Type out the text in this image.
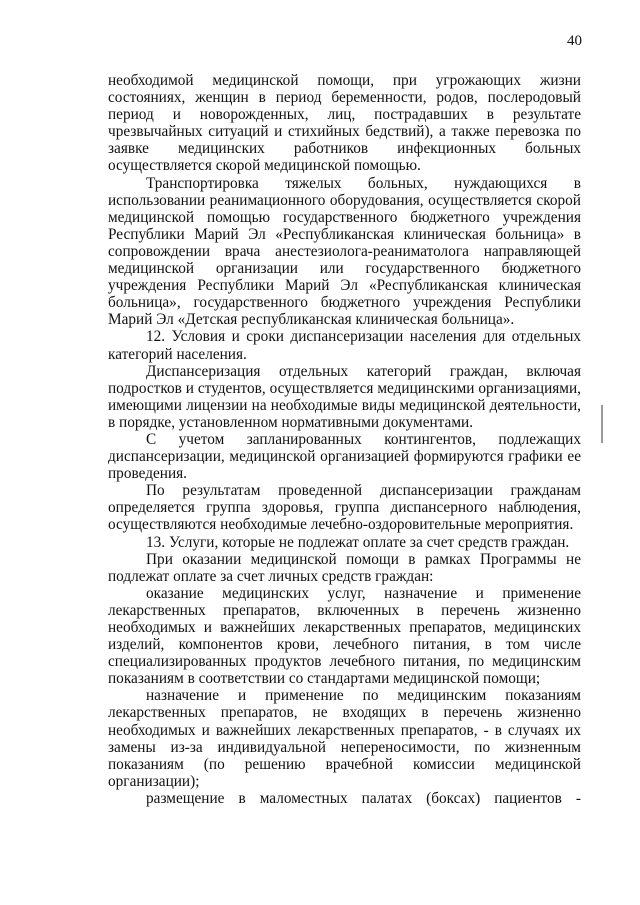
40

необходимой медицинской помощи, при угрожающих жизни состояниях, женщин в период беременности, родов, послеродовый период и новорожденных, лиц, пострадавших в результате чрезвычайных ситуаций и стихийных бедствий), а также перевозка по заявке медицинских работников инфекционных больных осуществляется скорой медицинской помощью.

Транспортировка тяжелых больных, нуждающихся в использовании реанимационного оборудования, осуществляется скорой медицинской помощью государственного бюджетного учреждения Республики Марий Эл «Республиканская клиническая больница» в сопровождении врача анестезиолога-реаниматолога направляющей медицинской организации или государственного бюджетного учреждения Республики Марий Эл «Республиканская клиническая больница», государственного бюджетного учреждения Республики Марий Эл «Детская республиканская клиническая больница».

12. Условия и сроки диспансеризации населения для отдельных категорий населения.

Диспансеризация отдельных категорий граждан, включая подростков и студентов, осуществляется медицинскими организациями, имеющими лицензии на необходимые виды медицинской деятельности, в порядке, установленном нормативными документами.

С учетом запланированных контингентов, подлежащих диспансеризации, медицинской организацией формируются графики ее проведения.

По результатам проведенной диспансеризации гражданам определяется группа здоровья, группа диспансерного наблюдения, осуществляются необходимые лечебно-оздоровительные мероприятия.

13. Услуги, которые не подлежат оплате за счет средств граждан.

При оказании медицинской помощи в рамках Программы не подлежат оплате за счет личных средств граждан:

оказание медицинских услуг, назначение и применение лекарственных препаратов, включенных в перечень жизненно необходимых и важнейших лекарственных препаратов, медицинских изделий, компонентов крови, лечебного питания, в том числе специализированных продуктов лечебного питания, по медицинским показаниям в соответствии со стандартами медицинской помощи;

назначение и применение по медицинским показаниям лекарственных препаратов, не входящих в перечень жизненно необходимых и важнейших лекарственных препаратов, - в случаях их замены из-за индивидуальной непереносимости, по жизненным показаниям (по решению врачебной комиссии медицинской организации);

размещение в маломестных палатах (боксах) пациентов -
